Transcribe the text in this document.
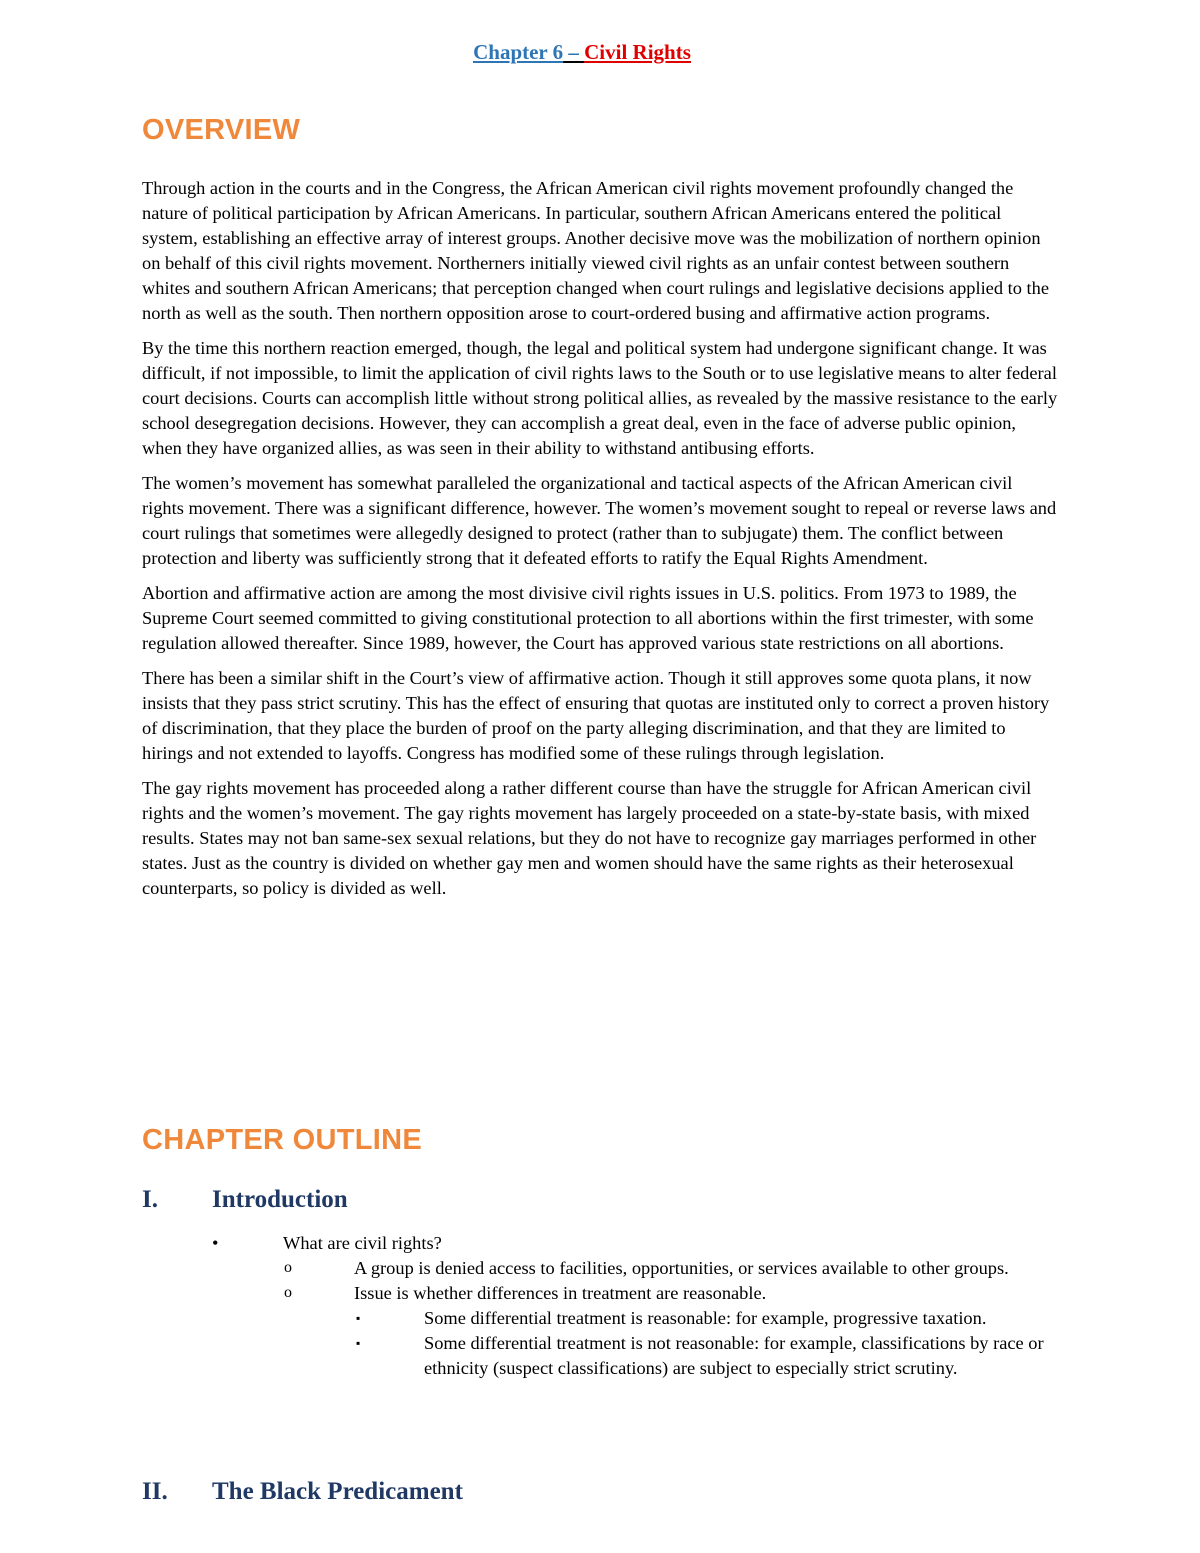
Chapter 6 – Civil Rights
OVERVIEW

Through action in the courts and in the Congress, the African American civil rights movement profoundly changed the nature of political participation by African Americans. In particular, southern African Americans entered the political system, establishing an effective array of interest groups. Another decisive move was the mobilization of northern opinion on behalf of this civil rights movement. Northerners initially viewed civil rights as an unfair contest between southern whites and southern African Americans; that perception changed when court rulings and legislative decisions applied to the north as well as the south. Then northern opposition arose to court-ordered busing and affirmative action programs.

By the time this northern reaction emerged, though, the legal and political system had undergone significant change. It was difficult, if not impossible, to limit the application of civil rights laws to the South or to use legislative means to alter federal court decisions. Courts can accomplish little without strong political allies, as revealed by the massive resistance to the early school desegregation decisions. However, they can accomplish a great deal, even in the face of adverse public opinion, when they have organized allies, as was seen in their ability to withstand antibusing efforts.

The women’s movement has somewhat paralleled the organizational and tactical aspects of the African American civil rights movement. There was a significant difference, however. The women’s movement sought to repeal or reverse laws and court rulings that sometimes were allegedly designed to protect (rather than to subjugate) them. The conflict between protection and liberty was sufficiently strong that it defeated efforts to ratify the Equal Rights Amendment.

Abortion and affirmative action are among the most divisive civil rights issues in U.S. politics. From 1973 to 1989, the Supreme Court seemed committed to giving constitutional protection to all abortions within the first trimester, with some regulation allowed thereafter. Since 1989, however, the Court has approved various state restrictions on all abortions.

There has been a similar shift in the Court’s view of affirmative action. Though it still approves some quota plans, it now insists that they pass strict scrutiny. This has the effect of ensuring that quotas are instituted only to correct a proven history of discrimination, that they place the burden of proof on the party alleging discrimination, and that they are limited to hirings and not extended to layoffs. Congress has modified some of these rulings through legislation.

The gay rights movement has proceeded along a rather different course than have the struggle for African American civil rights and the women’s movement. The gay rights movement has largely proceeded on a state-by-state basis, with mixed results. States may not ban same-sex sexual relations, but they do not have to recognize gay marriages performed in other states. Just as the country is divided on whether gay men and women should have the same rights as their heterosexual counterparts, so policy is divided as well.

CHAPTER OUTLINE
I. Introduction
•	What are civil rights?
o	A group is denied access to facilities, opportunities, or services available to other groups.
o	Issue is whether differences in treatment are reasonable.
▪	Some differential treatment is reasonable: for example, progressive taxation.
▪	Some differential treatment is not reasonable: for example, classifications by race or ethnicity (suspect classifications) are subject to especially strict scrutiny.
II. The Black Predicament
